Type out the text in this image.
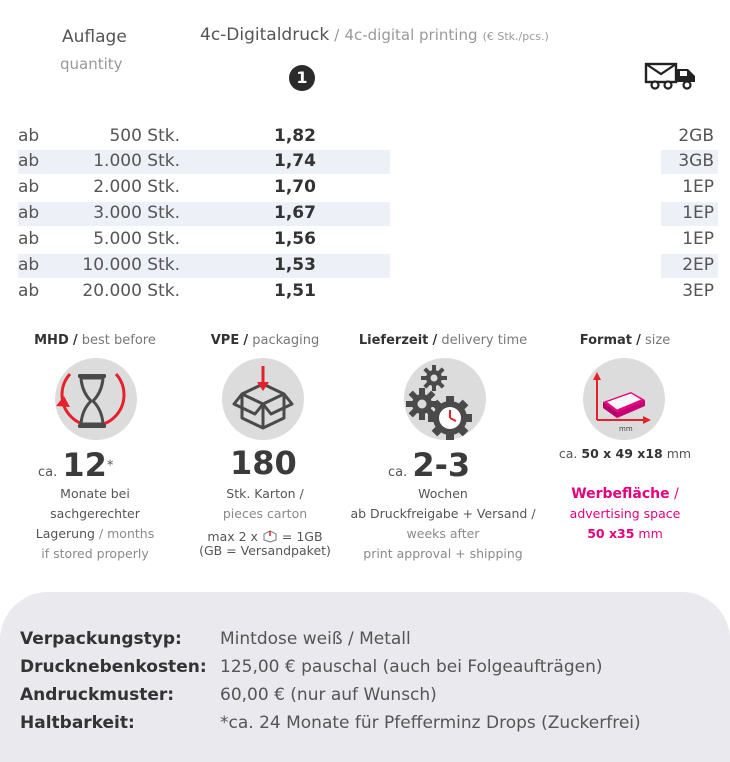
Auflage
quantity
4c-Digitaldruck / 4c-digital printing (€ Stk./pcs.)
1
ab	500 Stk.	1,82	2GB
ab	1.000 Stk.	1,74	3GB
ab	2.000 Stk.	1,70	1EP
ab	3.000 Stk.	1,67	1EP
ab	5.000 Stk.	1,56	1EP
ab	10.000 Stk.	1,53	2EP
ab	20.000 Stk.	1,51	3EP
MHD / best before
ca. 12*
Monate bei
sachgerechter
Lagerung / months
if stored properly
VPE / packaging
180
Stk. Karton /
pieces carton
max 2 x = 1GB
(GB = Versandpaket)
Lieferzeit / delivery time
ca. 2-3
Wochen
ab Druckfreigabe + Versand /
weeks after
print approval + shipping
Format / size
mm
ca. 50 x 49 x18 mm
Werbefläche /
advertising space
50 x35 mm
Verpackungstyp: Mintdose weiß / Metall
Drucknebenkosten: 125,00 € pauschal (auch bei Folgeaufträgen)
Andruckmuster:	60,00 € (nur auf Wunsch)
Haltbarkeit:	*ca. 24 Monate für Pfefferminz Drops (Zuckerfrei)
